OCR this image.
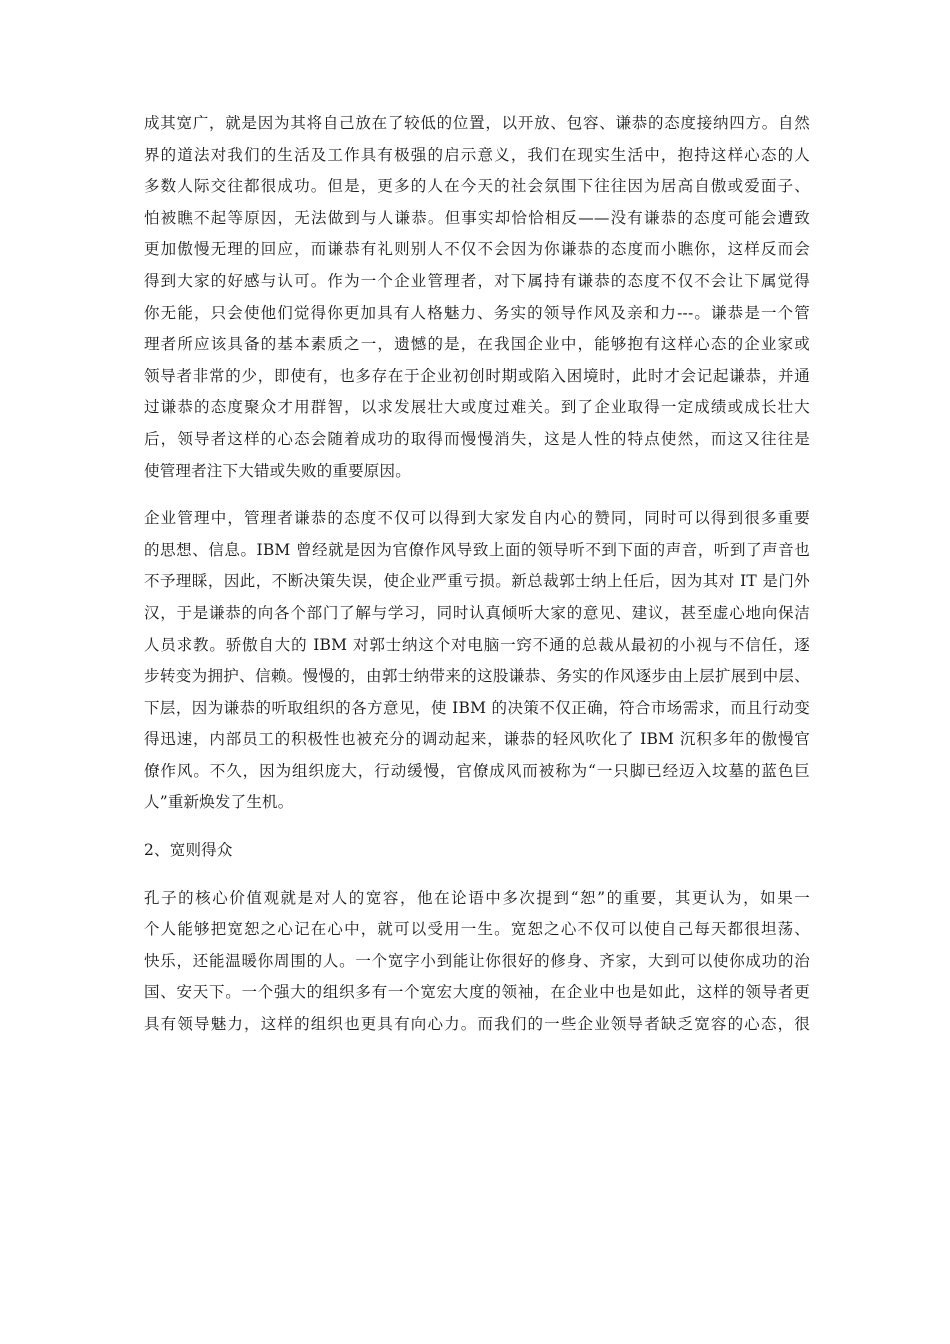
成其宽广，就是因为其将自己放在了较低的位置，以开放、包容、谦恭的态度接纳四方。自然
界的道法对我们的生活及工作具有极强的启示意义，我们在现实生活中，抱持这样心态的人
多数人际交往都很成功。但是，更多的人在今天的社会氛围下往往因为居高自傲或爱面子、
怕被瞧不起等原因，无法做到与人谦恭。但事实却恰恰相反——没有谦恭的态度可能会遭致
更加傲慢无理的回应，而谦恭有礼则别人不仅不会因为你谦恭的态度而小瞧你，这样反而会
得到大家的好感与认可。作为一个企业管理者，对下属持有谦恭的态度不仅不会让下属觉得
你无能，只会使他们觉得你更加具有人格魅力、务实的领导作风及亲和力---。谦恭是一个管
理者所应该具备的基本素质之一，遗憾的是，在我国企业中，能够抱有这样心态的企业家或
领导者非常的少，即使有，也多存在于企业初创时期或陷入困境时，此时才会记起谦恭，并通
过谦恭的态度聚众才用群智，以求发展壮大或度过难关。到了企业取得一定成绩或成长壮大
后，领导者这样的心态会随着成功的取得而慢慢消失，这是人性的特点使然，而这又往往是
使管理者注下大错或失败的重要原因。
企业管理中，管理者谦恭的态度不仅可以得到大家发自内心的赞同，同时可以得到很多重要
的思想、信息。IBM 曾经就是因为官僚作风导致上面的领导听不到下面的声音，听到了声音也
不予理睬，因此，不断决策失误，使企业严重亏损。新总裁郭士纳上任后，因为其对 IT 是门外
汉，于是谦恭的向各个部门了解与学习，同时认真倾听大家的意见、建议，甚至虚心地向保洁
人员求教。骄傲自大的 IBM 对郭士纳这个对电脑一窍不通的总裁从最初的小视与不信任，逐
步转变为拥护、信赖。慢慢的，由郭士纳带来的这股谦恭、务实的作风逐步由上层扩展到中层、
下层，因为谦恭的听取组织的各方意见，使 IBM 的决策不仅正确，符合市场需求，而且行动变
得迅速，内部员工的积极性也被充分的调动起来，谦恭的轻风吹化了 IBM 沉积多年的傲慢官
僚作风。不久，因为组织庞大，行动缓慢，官僚成风而被称为“一只脚已经迈入坟墓的蓝色巨
人”重新焕发了生机。
2、宽则得众
孔子的核心价值观就是对人的宽容，他在论语中多次提到“恕”的重要，其更认为，如果一
个人能够把宽恕之心记在心中，就可以受用一生。宽恕之心不仅可以使自己每天都很坦荡、
快乐，还能温暖你周围的人。一个宽字小到能让你很好的修身、齐家，大到可以使你成功的治
国、安天下。一个强大的组织多有一个宽宏大度的领袖，在企业中也是如此，这样的领导者更
具有领导魅力，这样的组织也更具有向心力。而我们的一些企业领导者缺乏宽容的心态，很
